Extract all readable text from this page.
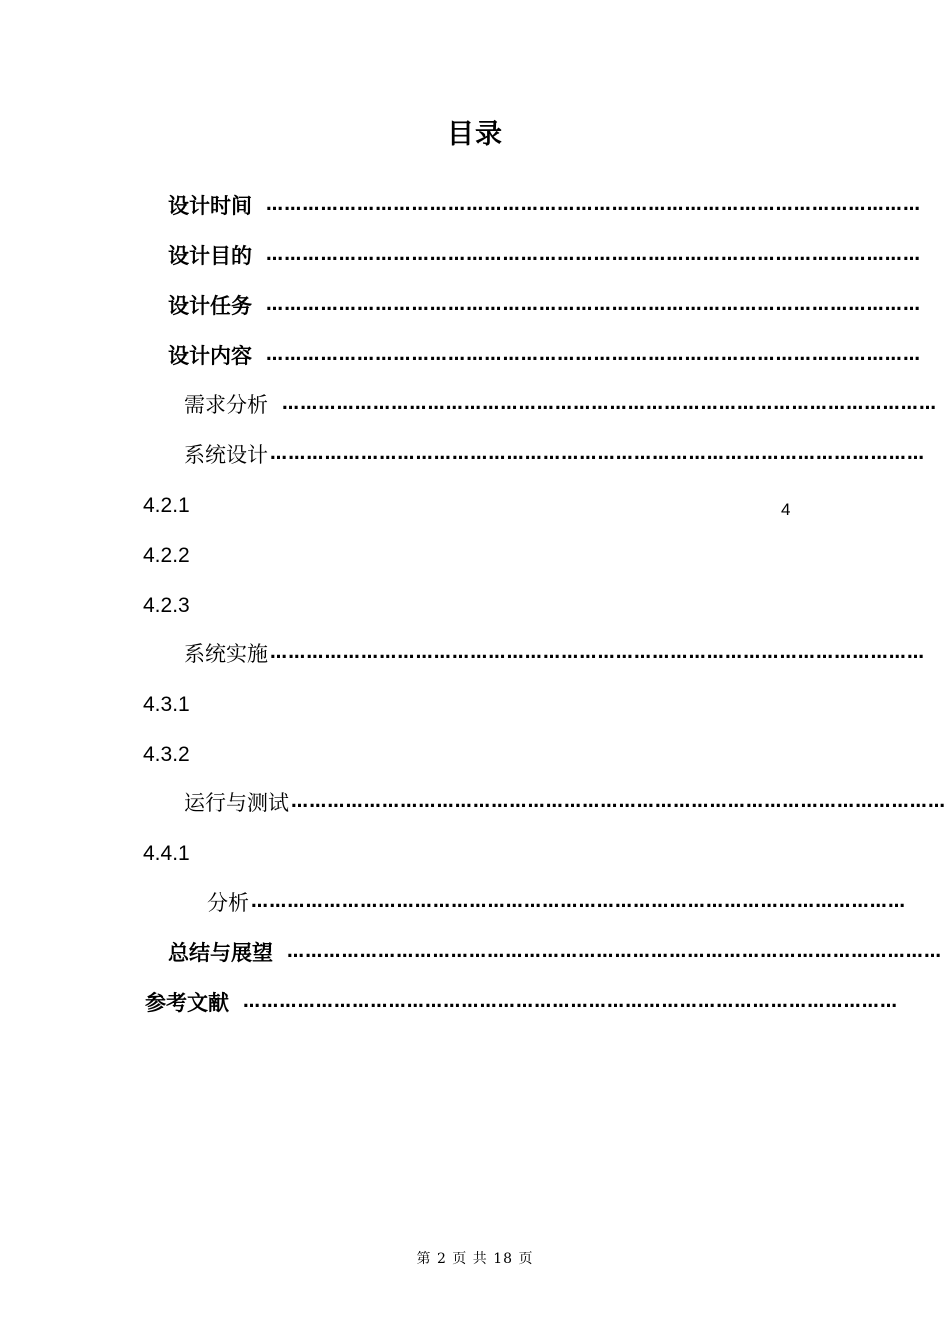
目录
设计时间 ………………………………………………………………………………………………
设计目的 ………………………………………………………………………………………………
设计任务 ………………………………………………………………………………………………
设计内容 ………………………………………………………………………………………………
需求分析 ………………………………………………………………………………………………
系统设计 ………………………………………………………………………………………………
4.2.1	4
4.2.2
4.2.3
系统实施 ………………………………………………………………………………………………
4.3.1
4.3.2
运行与测试 ………………………………………………………………………………………………
4.4.1
分析 ………………………………………………………………………………………………
总结与展望 ………………………………………………………………………………………………
参考文献 ………………………………………………………………………………………………
第 2 页 共 18 页
